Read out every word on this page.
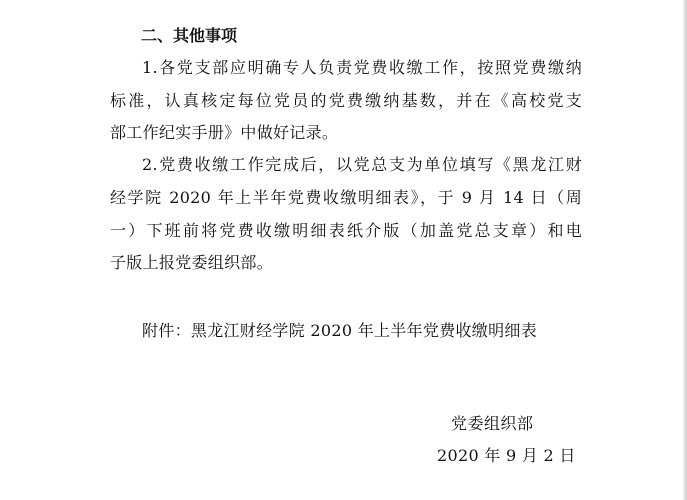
二、其他事项
1.各党支部应明确专人负责党费收缴工作，按照党费缴纳
标准，认真核定每位党员的党费缴纳基数，并在《高校党支
部工作纪实手册》中做好记录。
2.党费收缴工作完成后，以党总支为单位填写《黑龙江财
经学院 2020 年上半年党费收缴明细表》，于 9 月 14 日（周
一）下班前将党费收缴明细表纸介版（加盖党总支章）和电
子版上报党委组织部。
附件：黑龙江财经学院 2020 年上半年党费收缴明细表
党委组织部
2020 年 9 月 2 日
